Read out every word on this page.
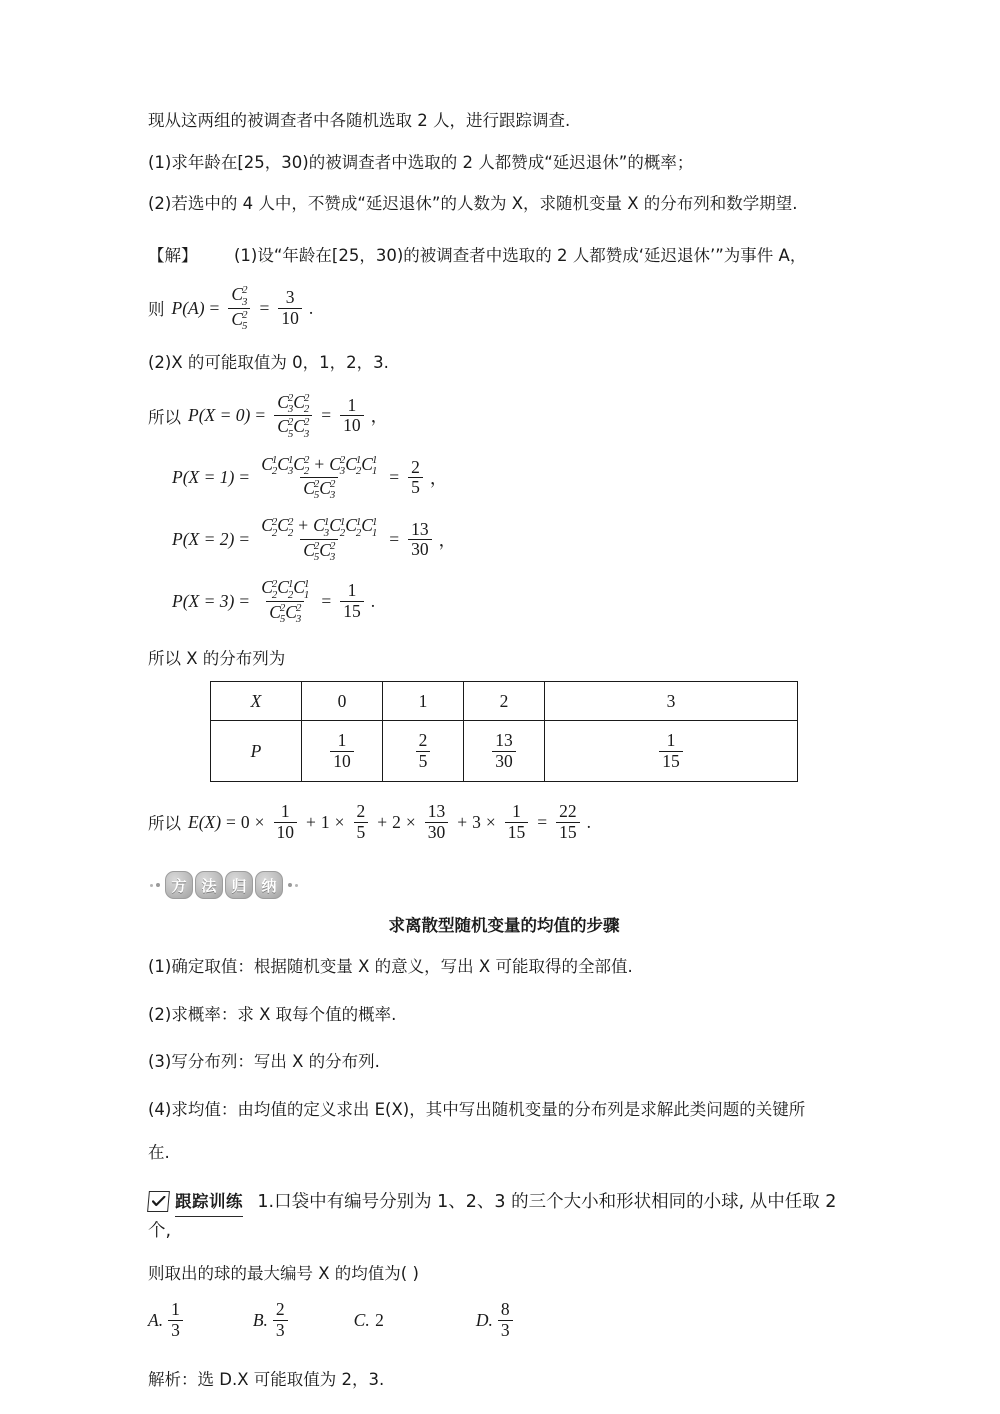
现从这两组的被调查者中各随机选取 2 人，进行跟踪调查.

(1)求年龄在[25，30)的被调查者中选取的 2 人都赞成“延迟退休”的概率；

(2)若选中的 4 人中，不赞成“延迟退休”的人数为 X，求随机变量 X 的分布列和数学期望.

【解】 (1)设“年龄在[25，30)的被调查者中选取的 2 人都赞成‘延迟退休’”为事件 A，

则 $P(A) = \frac{C^2_3}{C^2_5} = \frac{3}{10}$ .

(2)X 的可能取值为 0，1，2，3.

所以 $P(X = 0) = \frac{C^2_3C^2_2}{C^2_5C^2_3} = \frac{1}{10}$ ，
$P(X = 1) = \frac{C^1_2C^1_3C^2_2 + C^2_3C^1_2C^1_1}{C^2_5C^2_3} = \frac{2}{5}$ ，
$P(X = 2) = \frac{C^2_2C^2_2 + C^1_3C^1_2C^1_2C^1_1}{C^2_5C^2_3} = \frac{13}{30}$ ，
$P(X = 3) = \frac{C^2_2C^1_2C^1_1}{C^2_5C^2_3} = \frac{1}{15}$ .

所以 X 的分布列为

X	0	1	2	3
P	$\frac{1}{10}$	$\frac{2}{5}$	$\frac{13}{30}$	$\frac{1}{15}$
所以 $E(X) = 0 \times \frac{1}{10} + 1 \times \frac{2}{5} + 2 \times \frac{13}{30} + 3 \times \frac{1}{15} = \frac{22}{15}$ .
方 法 归 纳

求离散型随机变量的均值的步骤

(1)确定取值：根据随机变量 X 的意义，写出 X 可能取得的全部值.

(2)求概率：求 X 取每个值的概率.

(3)写分布列：写出 X 的分布列.

(4)求均值：由均值的定义求出 E(X)，其中写出随机变量的分布列是求解此类问题的关键所

在.

跟踪训练 1.口袋中有编号分别为 1、2、3 的三个大小和形状相同的小球, 从中任取 2 个,

则取出的球的最大编号 X 的均值为( )

A. $\frac{1}{3}$	B. $\frac{2}{3}$	C. 2	D. $\frac{8}{3}$

解析：选 D.X 可能取值为 2，3.
